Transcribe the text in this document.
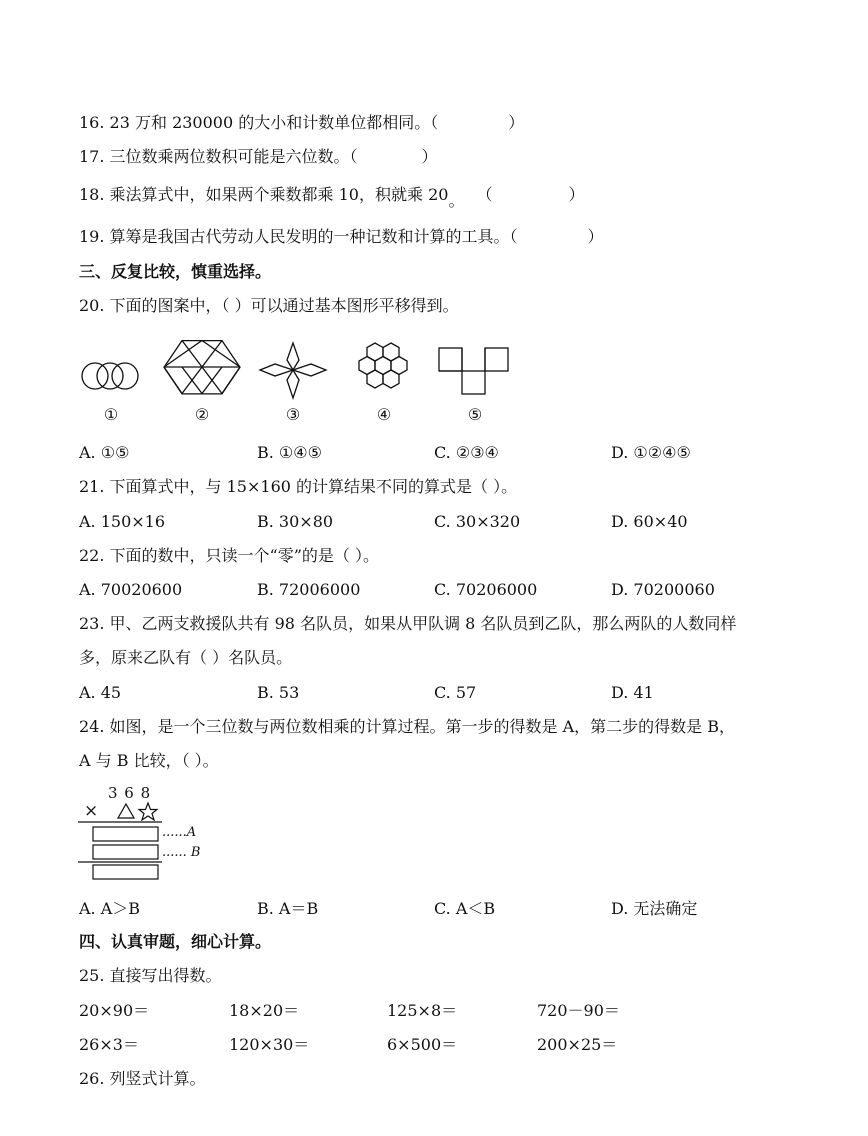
16. 23 万和 230000 的大小和计数单位都相同。（	）
17. 三位数乘两位数积可能是六位数。（	）
18. 乘法算式中，如果两个乘数都乘 10，积就乘 20。 （	）
19. 算筹是我国古代劳动人民发明的一种记数和计算的工具。（	）
三、反复比较，慎重选择。
20. 下面的图案中，（ ）可以通过基本图形平移得到。
①	②	③	④	⑤
A. ①⑤	B. ①④⑤	C. ②③④	D. ①②④⑤
21. 下面算式中，与 15×160 的计算结果不同的算式是（ ）。
A. 150×16	B. 30×80	C. 30×320	D. 60×40
22. 下面的数中，只读一个“零”的是（ ）。
A. 70020600	B. 72006000	C. 70206000	D. 70200060
23. 甲、乙两支救援队共有 98 名队员，如果从甲队调 8 名队员到乙队，那么两队的人数同样
多，原来乙队有（ ）名队员。
A. 45	B. 53	C. 57	D. 41
24. 如图，是一个三位数与两位数相乘的计算过程。第一步的得数是 A，第二步的得数是 B，
A 与 B 比较，（ ）。
3 6 8
×
......A
...... B
A. A＞B	B. A＝B	C. A＜B	D. 无法确定
四、认真审题，细心计算。
25. 直接写出得数。
20×90＝	18×20＝	125×8＝	720－90＝
26×3＝	120×30＝	6×500＝	200×25＝
26. 列竖式计算。
